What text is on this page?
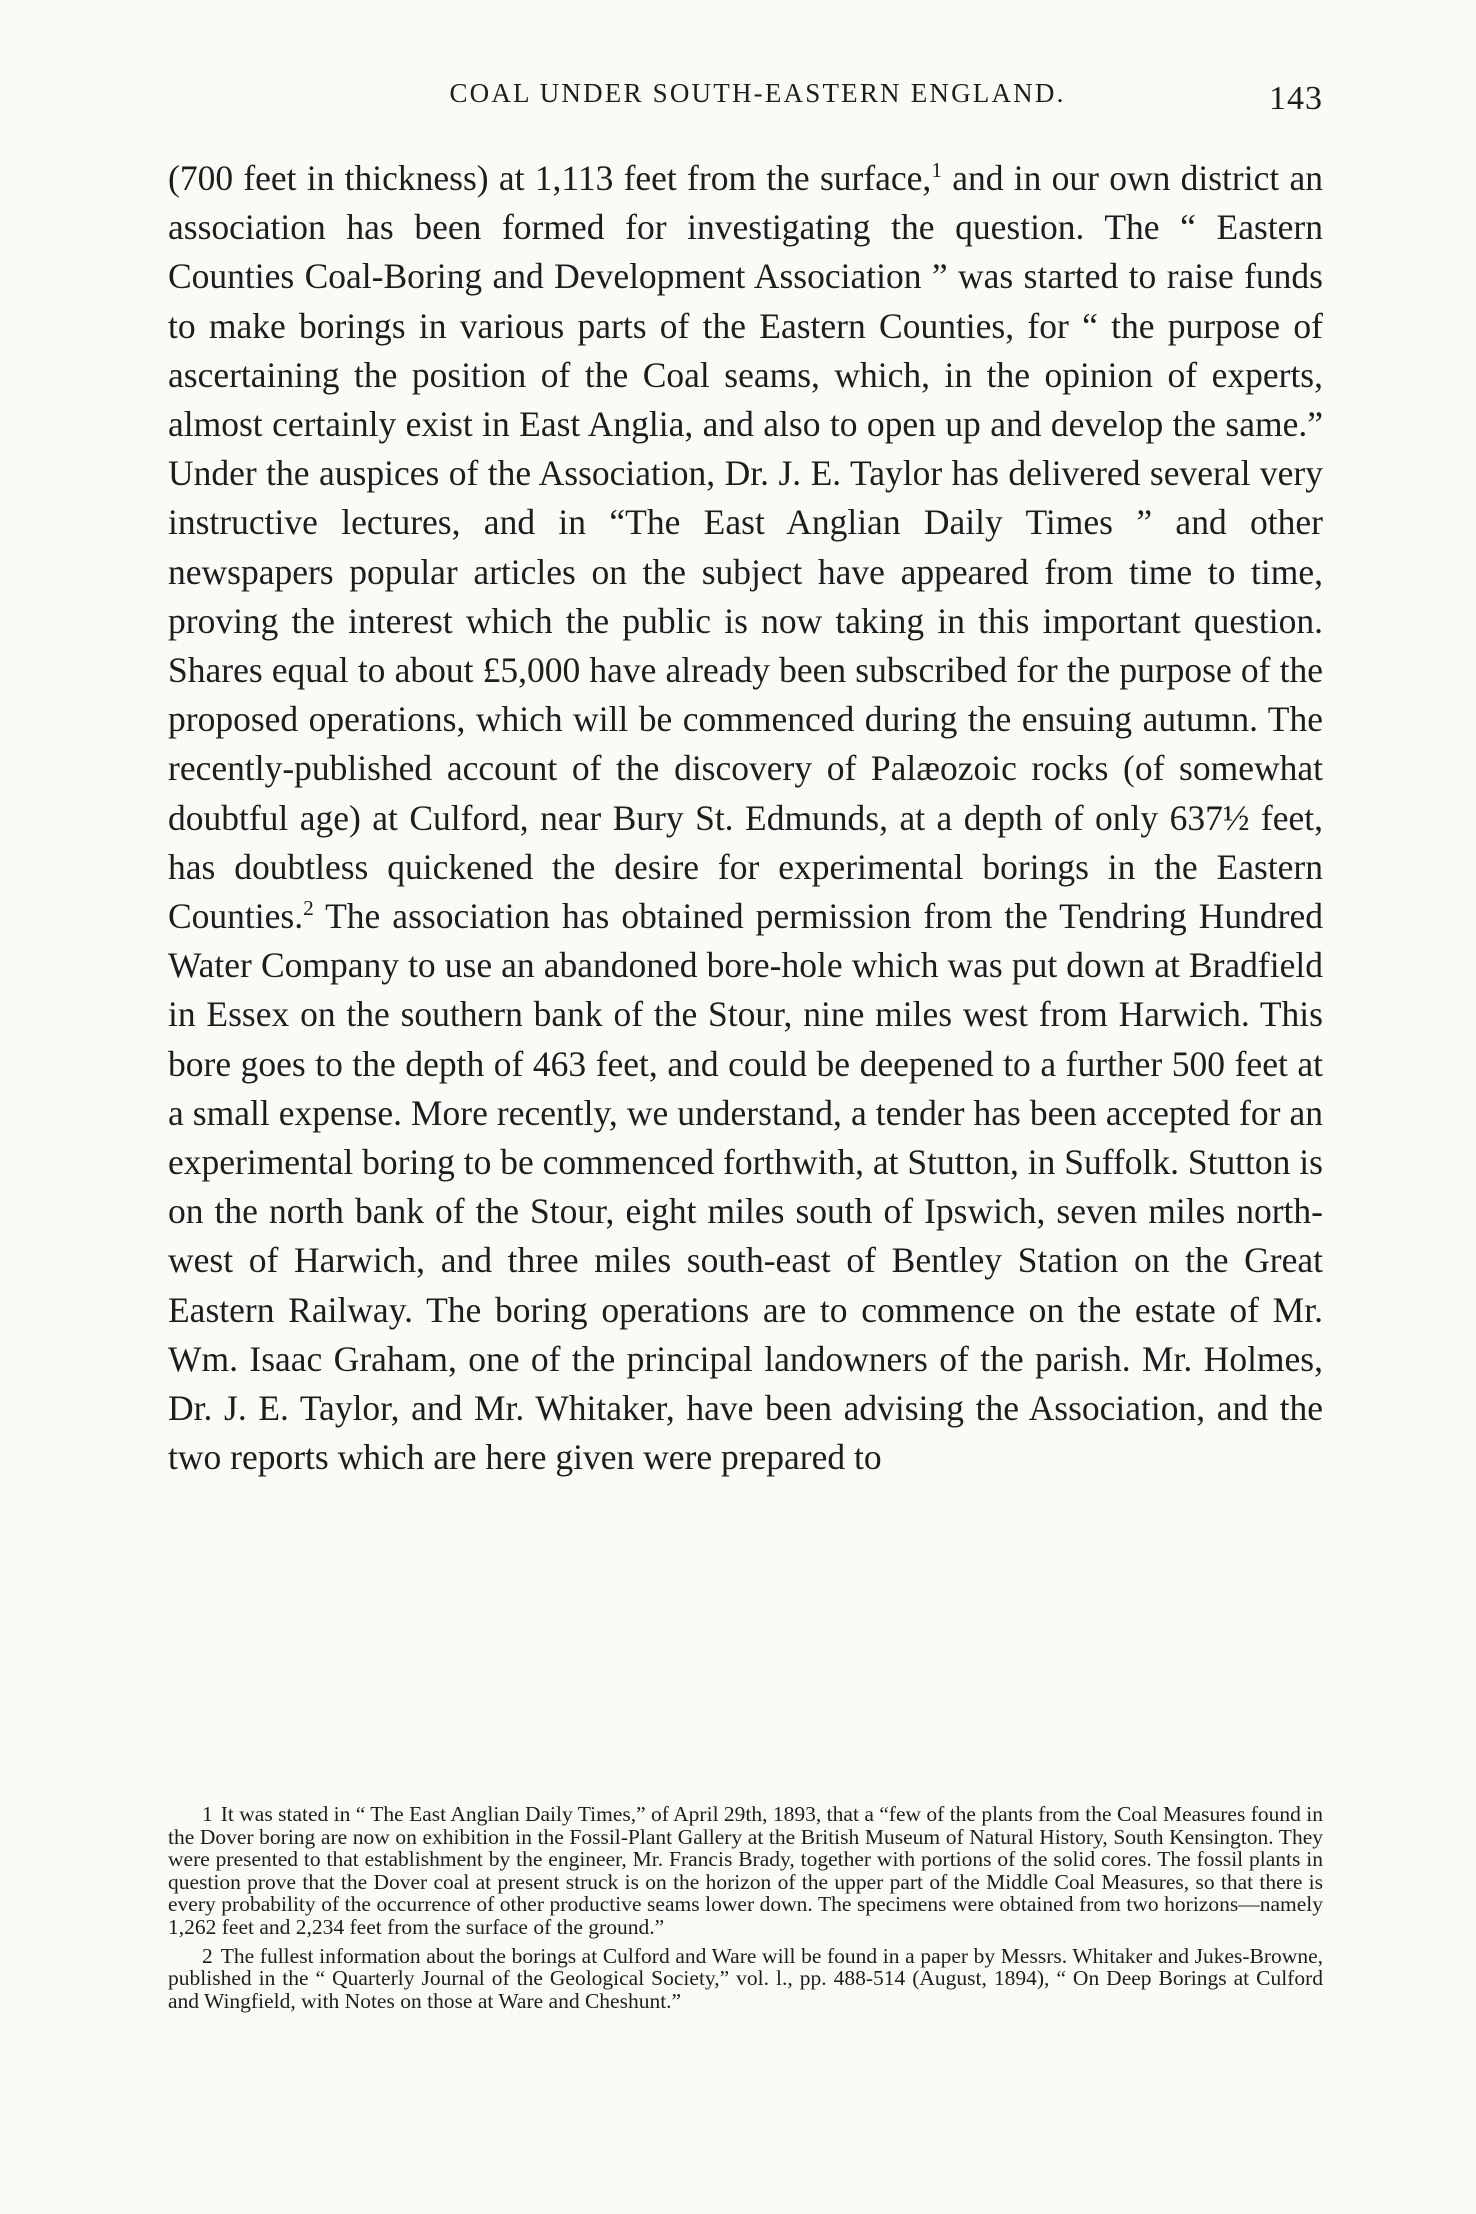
COAL UNDER SOUTH-EASTERN ENGLAND.	143

(700 feet in thickness) at 1,113 feet from the surface,$^1$ and in our own district an association has been formed for investigating the question. The “ Eastern Counties Coal-Boring and Development Association ” was started to raise funds to make borings in various parts of the Eastern Counties, for “ the purpose of ascertaining the position of the Coal seams, which, in the opinion of experts, almost certainly exist in East Anglia, and also to open up and develop the same.” Under the auspices of the Association, Dr. J. E. Taylor has delivered several very instructive lectures, and in “The East Anglian Daily Times ” and other newspapers popular articles on the subject have appeared from time to time, proving the interest which the public is now taking in this important question. Shares equal to about £5,000 have already been subscribed for the purpose of the proposed operations, which will be commenced during the ensuing autumn. The recently-published account of the discovery of Palæozoic rocks (of somewhat doubtful age) at Culford, near Bury St. Edmunds, at a depth of only 637½ feet, has doubtless quickened the desire for experimental borings in the Eastern Counties.$^2$ The association has obtained permission from the Tendring Hundred Water Company to use an abandoned bore-hole which was put down at Bradfield in Essex on the southern bank of the Stour, nine miles west from Harwich. This bore goes to the depth of 463 feet, and could be deepened to a further 500 feet at a small expense. More recently, we understand, a tender has been accepted for an experimental boring to be commenced forthwith, at Stutton, in Suffolk. Stutton is on the north bank of the Stour, eight miles south of Ipswich, seven miles north-west of Harwich, and three miles south-east of Bentley Station on the Great Eastern Railway. The boring operations are to commence on the estate of Mr. Wm. Isaac Graham, one of the principal landowners of the parish. Mr. Holmes, Dr. J. E. Taylor, and Mr. Whitaker, have been advising the Association, and the two reports which are here given were prepared to

1 It was stated in “ The East Anglian Daily Times,” of April 29th, 1893, that a “few of the plants from the Coal Measures found in the Dover boring are now on exhibition in the Fossil-Plant Gallery at the British Museum of Natural History, South Kensington. They were presented to that establishment by the engineer, Mr. Francis Brady, together with portions of the solid cores. The fossil plants in question prove that the Dover coal at present struck is on the horizon of the upper part of the Middle Coal Measures, so that there is every probability of the occurrence of other productive seams lower down. The specimens were obtained from two horizons—namely 1,262 feet and 2,234 feet from the surface of the ground.”

2 The fullest information about the borings at Culford and Ware will be found in a paper by Messrs. Whitaker and Jukes-Browne, published in the “ Quarterly Journal of the Geological Society,” vol. l., pp. 488-514 (August, 1894), “ On Deep Borings at Culford and Wingfield, with Notes on those at Ware and Cheshunt.”
